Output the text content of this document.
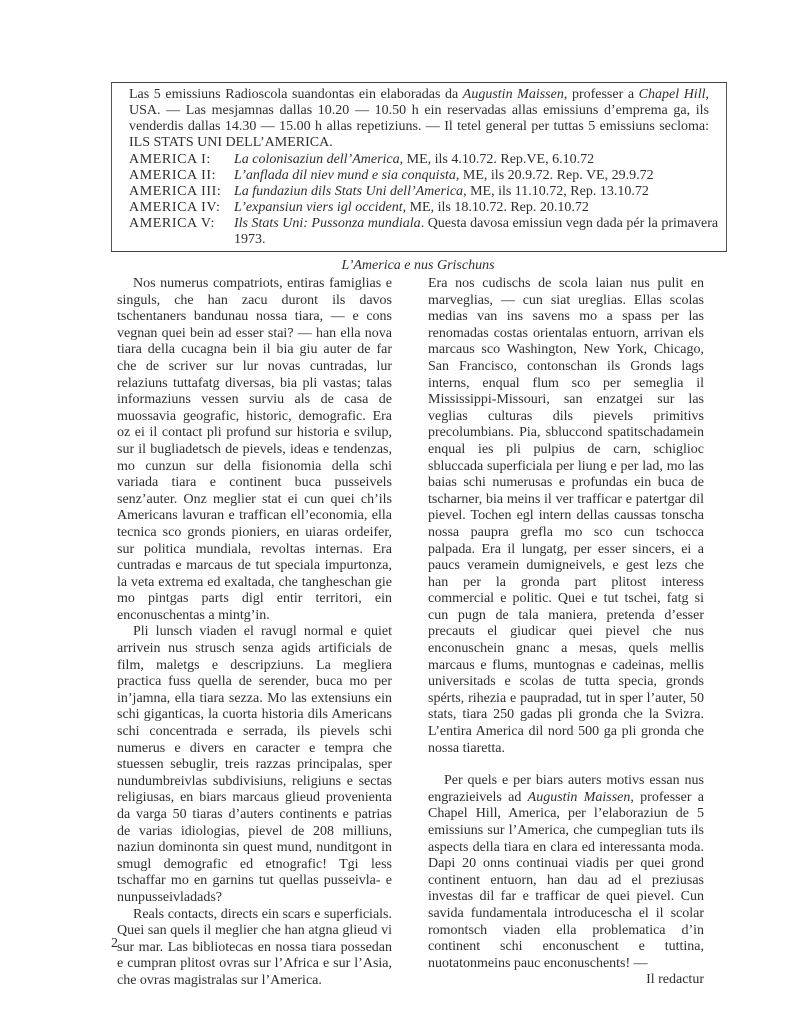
Las 5 emissiuns Radioscola suandontas ein elaboradas da Augustin Maissen, professer a Chapel Hill, USA. — Las mesjamnas dallas 10.20 — 10.50 h ein reservadas allas emissiuns d’emprema ga, ils venderdis dallas 14.30 — 15.00 h allas repetiziuns. — Il tetel general per tuttas 5 emissiuns secloma: ILS STATS UNI DELL’AMERICA.
AMERICA I:	La colonisaziun dell’America, ME, ils 4.10.72. Rep.VE, 6.10.72
AMERICA II:	L’anflada dil niev mund e sia conquista, ME, ils 20.9.72. Rep. VE, 29.9.72
AMERICA III: La fundaziun dils Stats Uni dell’America, ME, ils 11.10.72, Rep. 13.10.72
AMERICA IV: L’expansiun viers igl occident, ME, ils 18.10.72. Rep. 20.10.72
AMERICA V:	Ils Stats Uni: Pussonza mundiala. Questa davosa emissiun vegn dada pér la primavera 1973.
L’America e nus Grischuns

Nos numerus compatriots, entiras famiglias e singuls, che han zacu duront ils davos tschentaners bandunau nossa tiara, — e cons vegnan quei bein ad esser stai? — han ella nova tiara della cucagna bein il bia giu auter de far che de scriver sur lur novas cuntradas, lur relaziuns tuttafatg diversas, bia pli vastas; talas informaziuns vessen surviu als de casa de muossavia geografic, historic, demografic. Era oz ei il contact pli profund sur historia e svilup, sur il bugliadetsch de pievels, ideas e tendenzas, mo cunzun sur della fisionomia della schi variada tiara e continent buca pusseivels senz’auter. Onz meglier stat ei cun quei ch’ils Americans lavuran e traffican ell’economia, ella tecnica sco gronds pioniers, en uiaras ordeifer, sur politica mundiala, revoltas internas. Era cuntradas e marcaus de tut speciala impurtonza, la veta extrema ed exaltada, che tangheschan gie mo pintgas parts digl entir territori, ein enconuschentas a mintg’in.

Pli lunsch viaden el ravugl normal e quiet arrivein nus strusch senza agids artificials de film, maletgs e descripziuns. La megliera practica fuss quella de serender, buca mo per in’jamna, ella tiara sezza. Mo las extensiuns ein schi giganticas, la cuorta historia dils Americans schi concentrada e serrada, ils pievels schi numerus e divers en caracter e tempra che stuessen sebuglir, treis razzas principalas, sper nundumbreivlas subdivisiuns, religiuns e sectas religiusas, en biars marcaus glieud provenienta da varga 50 tiaras d’auters continents e patrias de varias idiologias, pievel de 208 milliuns, naziun dominonta sin quest mund, nunditgont in smugl demografic ed etnografic! Tgi less tschaffar mo en garnins tut quellas pusseivla- e nunpusseivladads?

Reals contacts, directs ein scars e superficials. Quei san quels il meglier che han atgna glieud vi sur mar. Las bibliotecas en nossa tiara possedan e cumpran plitost ovras sur l’Africa e sur l’Asia, che ovras magistralas sur l’America.

Era nos cudischs de scola laian nus pulit en marveglias, — cun siat ureglias. Ellas scolas medias van ins savens mo a spass per las renomadas costas orientalas entuorn, arrivan els marcaus sco Washington, New York, Chicago, San Francisco, contonschan ils Gronds lags interns, enqual flum sco per semeglia il Mississippi-Missouri, san enzatgei sur las veglias culturas dils pievels primitivs precolumbians. Pia, sbluccond spatitschadamein enqual ies pli pulpius de carn, schiglioc sbluccada superficiala per liung e per lad, mo las baias schi numerusas e profundas ein buca de tscharner, bia meins il ver trafficar e patertgar dil pievel. Tochen egl intern dellas caussas tonscha nossa paupra grefla mo sco cun tschocca palpada. Era il lungatg, per esser sincers, ei a paucs veramein dumigneivels, e gest lezs che han per la gronda part plitost interess commercial e politic. Quei e tut tschei, fatg si cun pugn de tala maniera, pretenda d’esser precauts el giudicar quei pievel che nus enconuschein gnanc a mesas, quels mellis marcaus e flums, muntognas e cadeinas, mellis universitads e scolas de tutta specia, gronds spérts, rihezia e paupradad, tut in sper l’auter, 50 stats, tiara 250 gadas pli gronda che la Svizra. L’entira America dil nord 500 ga pli gronda che nossa tiaretta.

Per quels e per biars auters motivs essan nus engrazieivels ad Augustin Maissen, professer a Chapel Hill, America, per l’elaboraziun de 5 emissiuns sur l’America, che cumpeglian tuts ils aspects della tiara en clara ed interessanta moda. Dapi 20 onns continuai viadis per quei grond continent entuorn, han dau ad el preziusas investas dil far e trafficar de quei pievel. Cun savida fundamentala introducescha el il scolar romontsch viaden ella problematica d’in continent schi enconuschent e tuttina, nuotatonmeins pauc enconuschents! —

Il redactur

2
